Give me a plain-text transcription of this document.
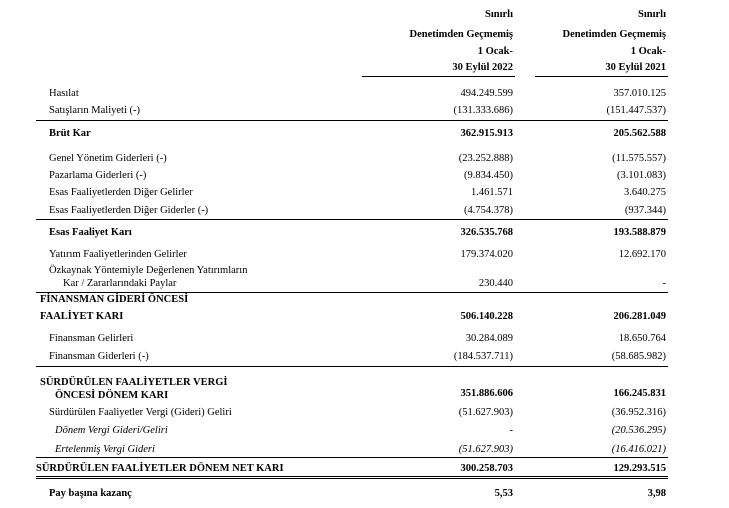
Sınırlı
Denetimden Geçmemiş
1 Ocak-
30 Eylül 2022
Sınırlı
Denetimden Geçmemiş
1 Ocak-
30 Eylül 2021
Hasılat	494.249.599	357.010.125
Satışların Maliyeti (-)	(131.333.686)	(151.447.537)
Brüt Kar	362.915.913	205.562.588
Genel Yönetim Giderleri (-)	(23.252.888)	(11.575.557)
Pazarlama Giderleri (-)	(9.834.450)	(3.101.083)
Esas Faaliyetlerden Diğer Gelirler	1.461.571	3.640.275
Esas Faaliyetlerden Diğer Giderler (-)	(4.754.378)	(937.344)
Esas Faaliyet Karı	326.535.768	193.588.879
Yatırım Faaliyetlerinden Gelirler	179.374.020	12.692.170
Özkaynak Yöntemiyle Değerlenen Yatırımların
Kar / Zararlarındaki Paylar	230.440	-
FİNANSMAN GİDERİ ÖNCESİ
FAALİYET KARI	506.140.228	206.281.049
Finansman Gelirleri	30.284.089	18.650.764
Finansman Giderleri (-)	(184.537.711)	(58.685.982)
SÜRDÜRÜLEN FAALİYETLER VERGİ
ÖNCESİ DÖNEM KARI	351.886.606	166.245.831
Sürdürülen Faaliyetler Vergi (Gideri) Geliri	(51.627.903)	(36.952.316)
Dönem Vergi Gideri/Geliri	-	(20.536.295)
Ertelenmiş Vergi Gideri	(51.627.903)	(16.416.021)
SÜRDÜRÜLEN FAALİYETLER DÖNEM NET KARI	300.258.703	129.293.515
Pay başına kazanç	5,53	3,98
